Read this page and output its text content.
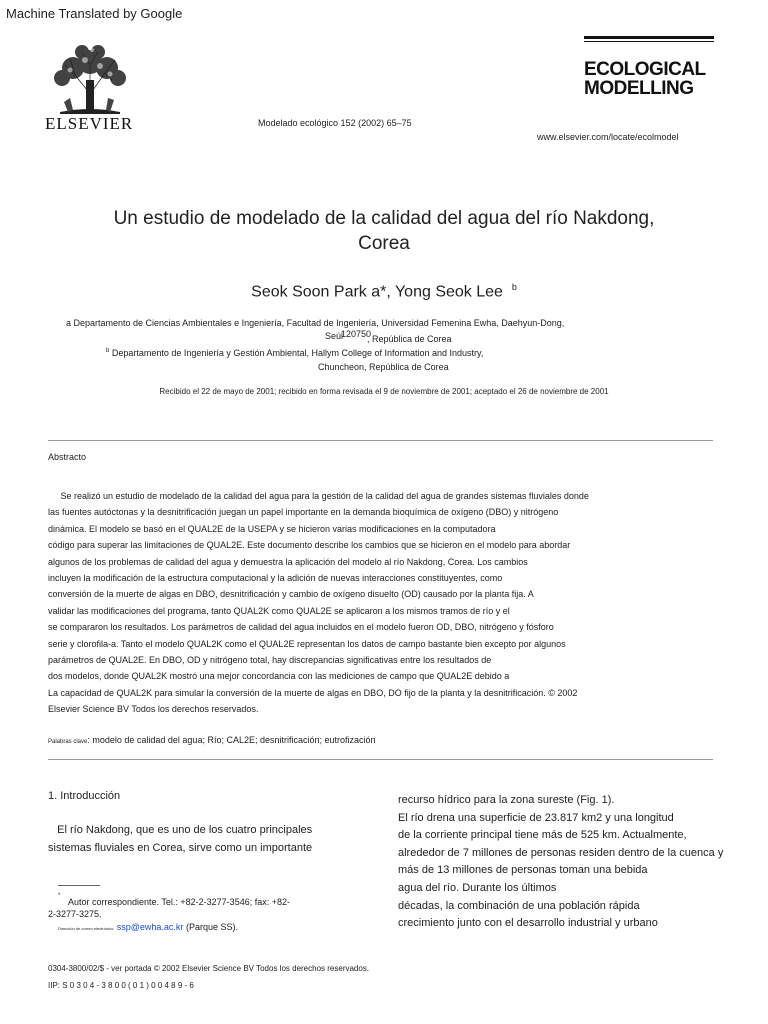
Machine Translated by Google
ELSEVIER	Modelado ecológico 152 (2002) 65–75
ECOLOGICAL
MODELLING
www.elsevier.com/locate/ecolmodel
Un estudio de modelado de la calidad del agua del río Nakdong,
Corea
Seok Soon Park a*, Yong Seok Lee $^b$
a Departamento de Ciencias Ambientales e Ingeniería, Facultad de Ingeniería, Universidad Femenina Ewha, Daehyun-Dong,
Seúl
120750
, República de Corea
$^b$ Departamento de Ingeniería y Gestión Ambiental, Hallym College of Information and Industry,
Chuncheon, República de Corea
Recibido el 22 de mayo de 2001; recibido en forma revisada el 9 de noviembre de 2001; aceptado el 26 de noviembre de 2001
Abstracto
Se realizó un estudio de modelado de la calidad del agua para la gestión de la calidad del agua de grandes sistemas fluviales donde
las fuentes autóctonas y la desnitrificación juegan un papel importante en la demanda bioquímica de oxígeno (DBO) y nitrógeno
dinámica. El modelo se basó en el QUAL2E de la USEPA y se hicieron varias modificaciones en la computadora
código para superar las limitaciones de QUAL2E. Este documento describe los cambios que se hicieron en el modelo para abordar
algunos de los problemas de calidad del agua y demuestra la aplicación del modelo al río Nakdong, Corea. Los cambios
incluyen la modificación de la estructura computacional y la adición de nuevas interacciones constituyentes, como
conversión de la muerte de algas en DBO, desnitrificación y cambio de oxígeno disuelto (OD) causado por la planta fija. A
validar las modificaciones del programa, tanto QUAL2K como QUAL2E se aplicaron a los mismos tramos de río y el
se compararon los resultados. Los parámetros de calidad del agua incluidos en el modelo fueron OD, DBO, nitrógeno y fósforo
serie y clorofila-a. Tanto el modelo QUAL2K como el QUAL2E representan los datos de campo bastante bien excepto por algunos
parámetros de QUAL2E. En DBO, OD y nitrógeno total, hay discrepancias significativas entre los resultados de
dos modelos, donde QUAL2K mostró una mejor concordancia con las mediciones de campo que QUAL2E debido a
La capacidad de QUAL2K para simular la conversión de la muerte de algas en DBO, DO fijo de la planta y la desnitrificación. © 2002
Elsevier Science BV Todos los derechos reservados.
Palabras clave: modelo de calidad del agua; Río; CAL2E; desnitrificación; eutrofización
1. Introducción
El río Nakdong, que es uno de los cuatro principales
sistemas fluviales en Corea, sirve como un importante
recurso hídrico para la zona sureste (Fig. 1).
El río drena una superficie de 23.817 km2 y una longitud
de la corriente principal tiene más de 525 km. Actualmente,
alrededor de 7 millones de personas residen dentro de la cuenca y
más de 13 millones de personas toman una bebida
agua del río. Durante los últimos
décadas, la combinación de una población rápida
crecimiento junto con el desarrollo industrial y urbano
*
Autor correspondiente. Tel.: +82-2-3277-3546; fax: +82-
2-3277-3275.
Dirección de correo electrónico: ssp@ewha.ac.kr (Parque SS).
0304-3800/02/$ - ver portada © 2002 Elsevier Science BV Todos los derechos reservados.
IIP: S 0 3 0 4 - 3 8 0 0 ( 0 1 ) 0 0 4 8 9 - 6
